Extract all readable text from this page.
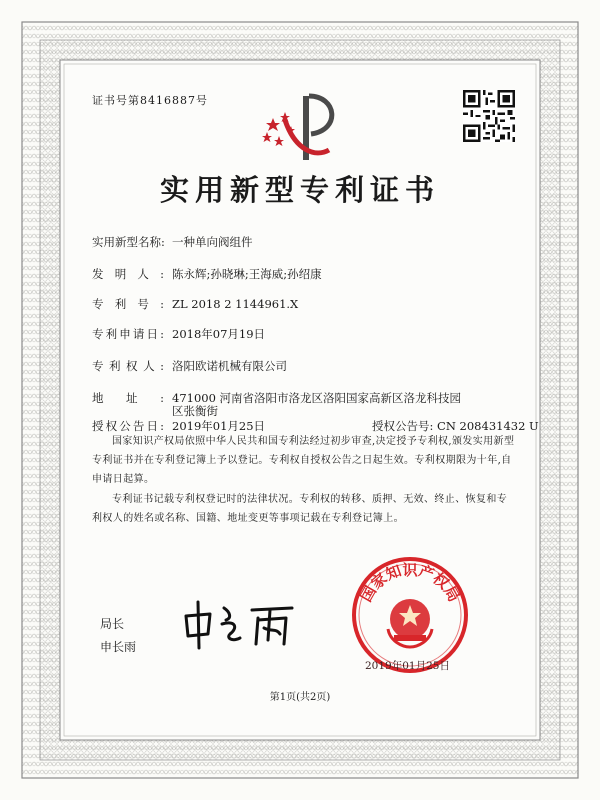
证书号第8416887号
实用新型专利证书
实用新型名称: 一种单向阀组件
发明人: 陈永辉;孙晓琳;王海威;孙绍康
专利号: ZL 2018 2 1144961.X
专利申请日: 2018年07月19日
专利权人: 洛阳欧诺机械有限公司
地址: 471000 河南省洛阳市洛龙区洛阳国家高新区洛龙科技园
区张衡街
授权公告日: 2019年01月25日	授权公告号: CN 208431432 U
国家知识产权局依照中华人民共和国专利法经过初步审查,决定授予专利权,颁发实用新型专利证书并在专利登记簿上予以登记。专利权自授权公告之日起生效。专利权期限为十年,自申请日起算。
专利证书记载专利权登记时的法律状况。专利权的转移、质押、无效、终止、恢复和专利权人的姓名或名称、国籍、地址变更等事项记载在专利登记簿上。
局长
申长雨
国家知识产权局
2019年01月25日
第1页(共2页)
